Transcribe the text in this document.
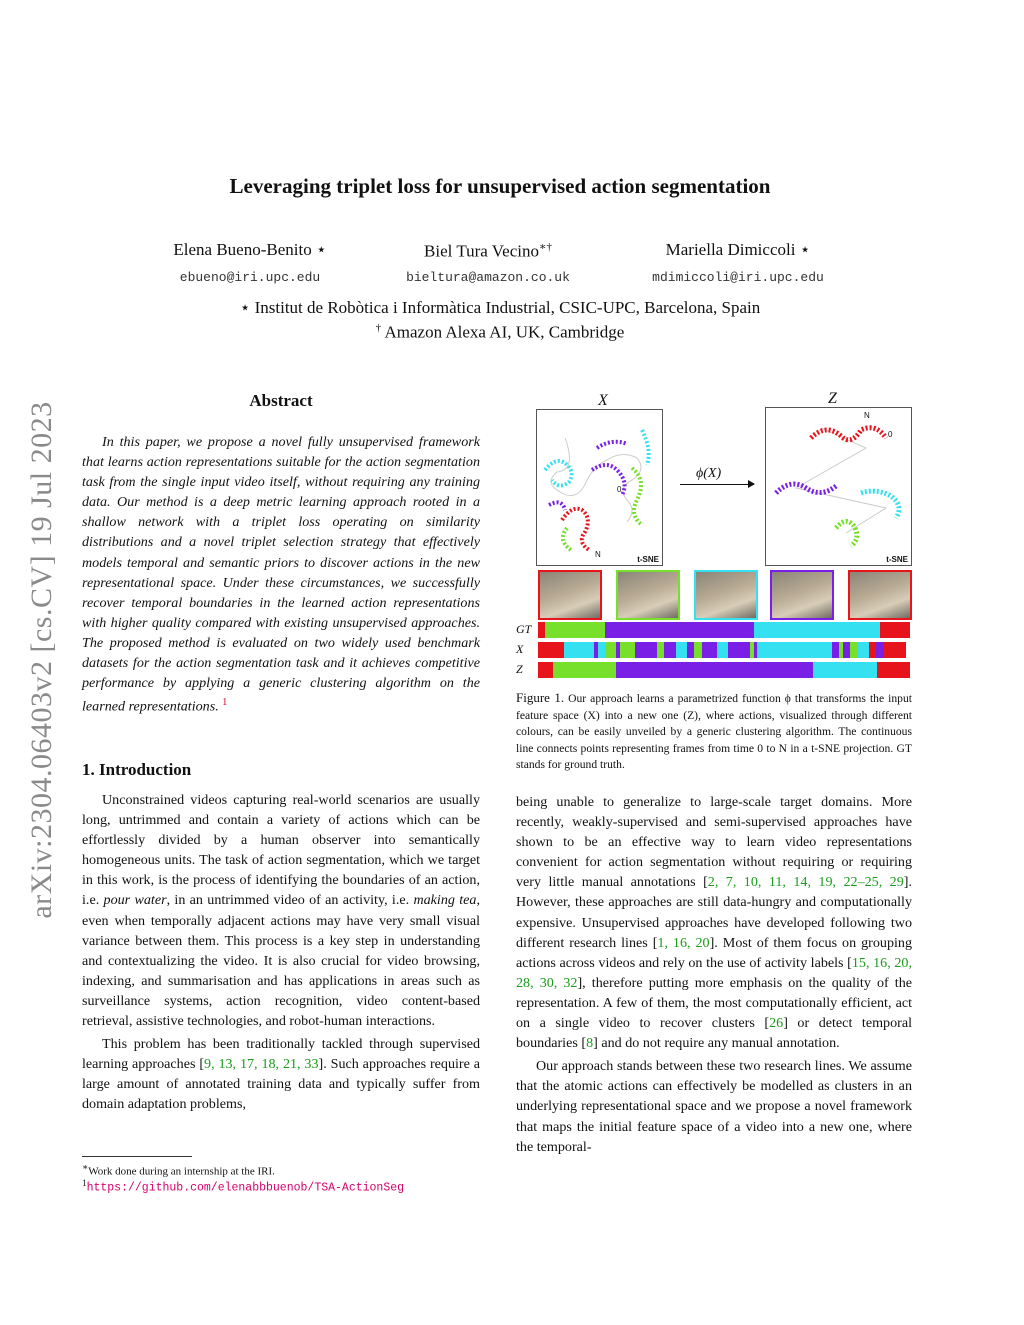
arXiv:2304.06403v2 [cs.CV] 19 Jul 2023
Leveraging triplet loss for unsupervised action segmentation
Elena Bueno-Benito ⋆	Biel Tura Vecino∗†	Mariella Dimiccoli ⋆
ebueno@iri.upc.edu	bieltura@amazon.co.uk	mdimiccoli@iri.upc.edu
⋆ Institut de Robòtica i Informàtica Industrial, CSIC-UPC, Barcelona, Spain
† Amazon Alexa AI, UK, Cambridge
Abstract
In this paper, we propose a novel fully unsupervised framework that learns action representations suitable for the action segmentation task from the single input video itself, without requiring any training data. Our method is a deep metric learning approach rooted in a shallow network with a triplet loss operating on similarity distributions and a novel triplet selection strategy that effectively models temporal and semantic priors to discover actions in the new representational space. Under these circumstances, we successfully recover temporal boundaries in the learned action representations with higher quality compared with existing unsupervised approaches. The proposed method is evaluated on two widely used benchmark datasets for the action segmentation task and it achieves competitive performance by applying a generic clustering algorithm on the learned representations. $^1$
1. Introduction

Unconstrained videos capturing real-world scenarios are usually long, untrimmed and contain a variety of actions which can be effortlessly divided by a human observer into semantically homogeneous units. The task of action segmentation, which we target in this work, is the process of identifying the boundaries of an action, i.e. pour water, in an untrimmed video of an activity, i.e. making tea, even when temporally adjacent actions may have very small visual variance between them. This process is a key step in understanding and contextualizing the video. It is also crucial for video browsing, indexing, and summarisation and has applications in areas such as surveillance systems, action recognition, video content-based retrieval, assistive technologies, and robot-human interactions.

This problem has been traditionally tackled through supervised learning approaches [9, 13, 17, 18, 21, 33]. Such approaches require a large amount of annotated training data and typically suffer from domain adaptation problems,

∗Work done during an internship at the IRI.
$^1$https://github.com/elenabbbuenob/TSA-ActionSeg
X	Z
N
0
t-SNE
ϕ(X)
N
0
t-SNE
GT
X
Z
Figure 1. Our approach learns a parametrized function ϕ that transforms the input feature space (X) into a new one (Z), where actions, visualized through different colours, can be easily unveiled by a generic clustering algorithm. The continuous line connects points representing frames from time 0 to N in a t-SNE projection. GT stands for ground truth.

being unable to generalize to large-scale target domains. More recently, weakly-supervised and semi-supervised approaches have shown to be an effective way to learn video representations convenient for action segmentation without requiring or requiring very little manual annotations [2, 7, 10, 11, 14, 19, 22–25, 29]. However, these approaches are still data-hungry and computationally expensive. Unsupervised approaches have developed following two different research lines [1, 16, 20]. Most of them focus on grouping actions across videos and rely on the use of activity labels [15, 16, 20, 28, 30, 32], therefore putting more emphasis on the quality of the representation. A few of them, the most computationally efficient, act on a single video to recover clusters [26] or detect temporal boundaries [8] and do not require any manual annotation.

Our approach stands between these two research lines. We assume that the atomic actions can effectively be modelled as clusters in an underlying representational space and we propose a novel framework that maps the initial feature space of a video into a new one, where the temporal-
